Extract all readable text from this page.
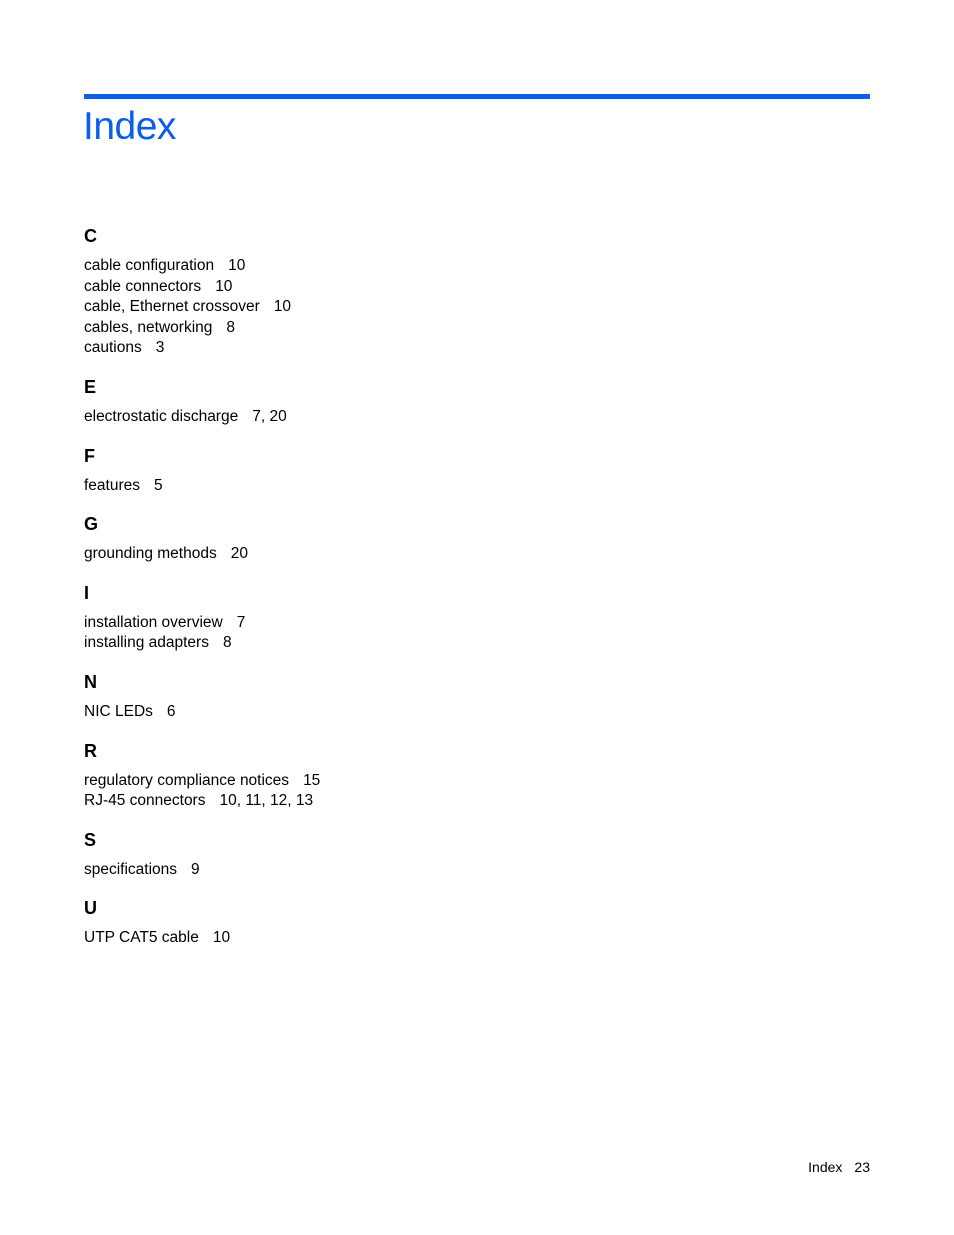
Index
C
cable configuration 10
cable connectors 10
cable, Ethernet crossover 10
cables, networking 8
cautions 3
E
electrostatic discharge 7, 20
F
features 5
G
grounding methods 20
I
installation overview 7
installing adapters 8
N
NIC LEDs 6
R
regulatory compliance notices 15
RJ-45 connectors 10, 11, 12, 13
S
specifications 9
U
UTP CAT5 cable 10
Index 23
